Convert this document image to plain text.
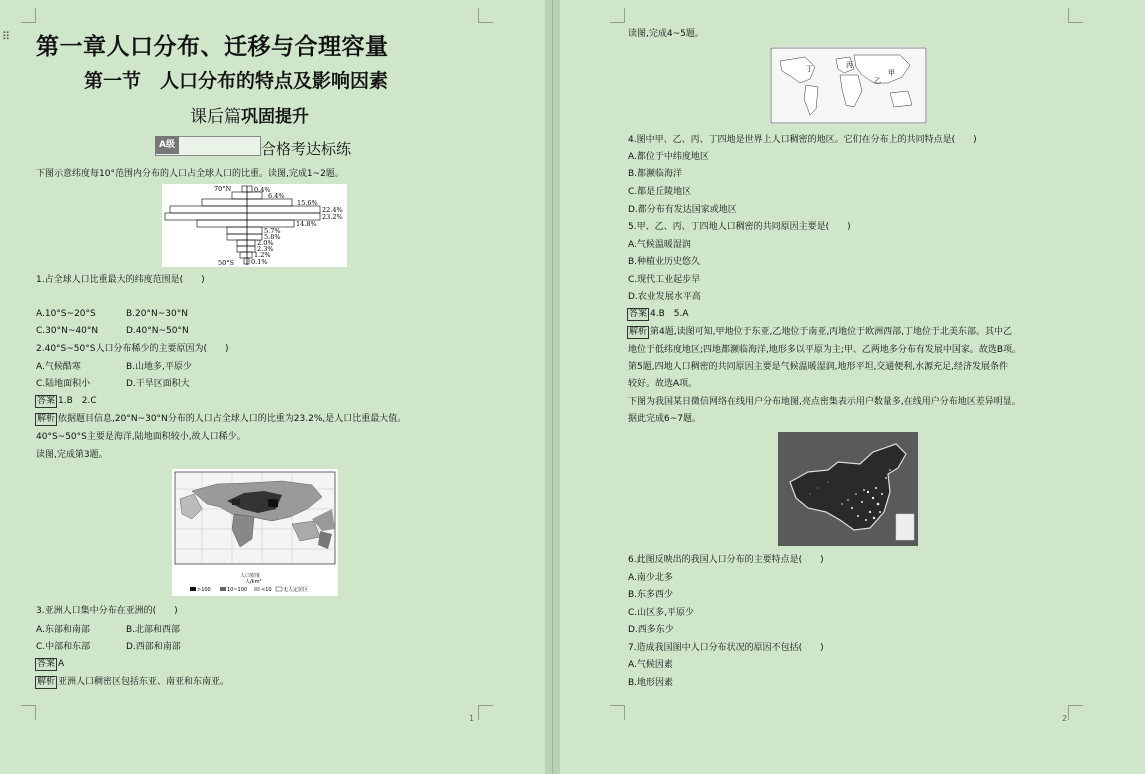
⠿ 第一章人口分布、迁移与合理容量
第一节　人口分布的特点及影响因素
课后篇巩固提升
A级	合格考达标练
下图示意纬度每10°范围内分布的人口占全球人口的比重。读图,完成1~2题。
70°N	0.4%
6.4%
15.6%
22.4%
23.2%
14.8%
5.7%
5.8%
2.0%
2.3%
1.2%
0.1%
50°S
1.占全球人口比重最大的纬度范围是(　　)
A.10°S~20°S	B.20°N~30°N
C.30°N~40°N	D.40°N~50°N
2.40°S~50°S人口分布稀少的主要原因为(　　)
A.气候酷寒	B.山地多,平原少
C.陆地面积小	D.干旱区面积大
答案 1.B　2.C
解析 依据题目信息,20°N~30°N分布的人口占全球人口的比重为23.2%,是人口比重最大值。
40°S~50°S主要是海洋,陆地面积较小,故人口稀少。
读图,完成第3题。
人口密度
人/km²
>100	10~100	<10 无人定居区
3.亚洲人口集中分布在亚洲的(　　)
A.东部和南部	B.北部和西部
C.中部和东部	D.西部和南部
答案 A
解析 亚洲人口稠密区包括东亚、南亚和东南亚。
1
读图,完成4~5题。
丁	丙
乙
甲
4.图中甲、乙、丙、丁四地是世界上人口稠密的地区。它们在分布上的共同特点是(　　)
A.都位于中纬度地区
B.都濒临海洋
C.都是丘陵地区
D.都分布有发达国家或地区
5.甲、乙、丙、丁四地人口稠密的共同原因主要是(　　)
A.气候温暖湿润
B.种植业历史悠久
C.现代工业起步早
D.农业发展水平高
答案 4.B　5.A
解析 第4题,读图可知,甲地位于东亚,乙地位于南亚,丙地位于欧洲西部,丁地位于北美东部。其中乙
地位于低纬度地区;四地都濒临海洋,地形多以平原为主;甲、乙两地多分布有发展中国家。故选B项。
第5题,四地人口稠密的共同原因主要是气候温暖湿润,地形平坦,交通便利,水源充足,经济发展条件
较好。故选A项。
下图为我国某日微信网络在线用户分布地图,亮点密集表示用户数量多,在线用户分布地区差异明显。
据此完成6~7题。
6.此图反映出的我国人口分布的主要特点是(　　)
A.南少北多
B.东多西少
C.山区多,平原少
D.西多东少
7.造成我国图中人口分布状况的原因不包括(　　)
A.气候因素
B.地形因素
2
